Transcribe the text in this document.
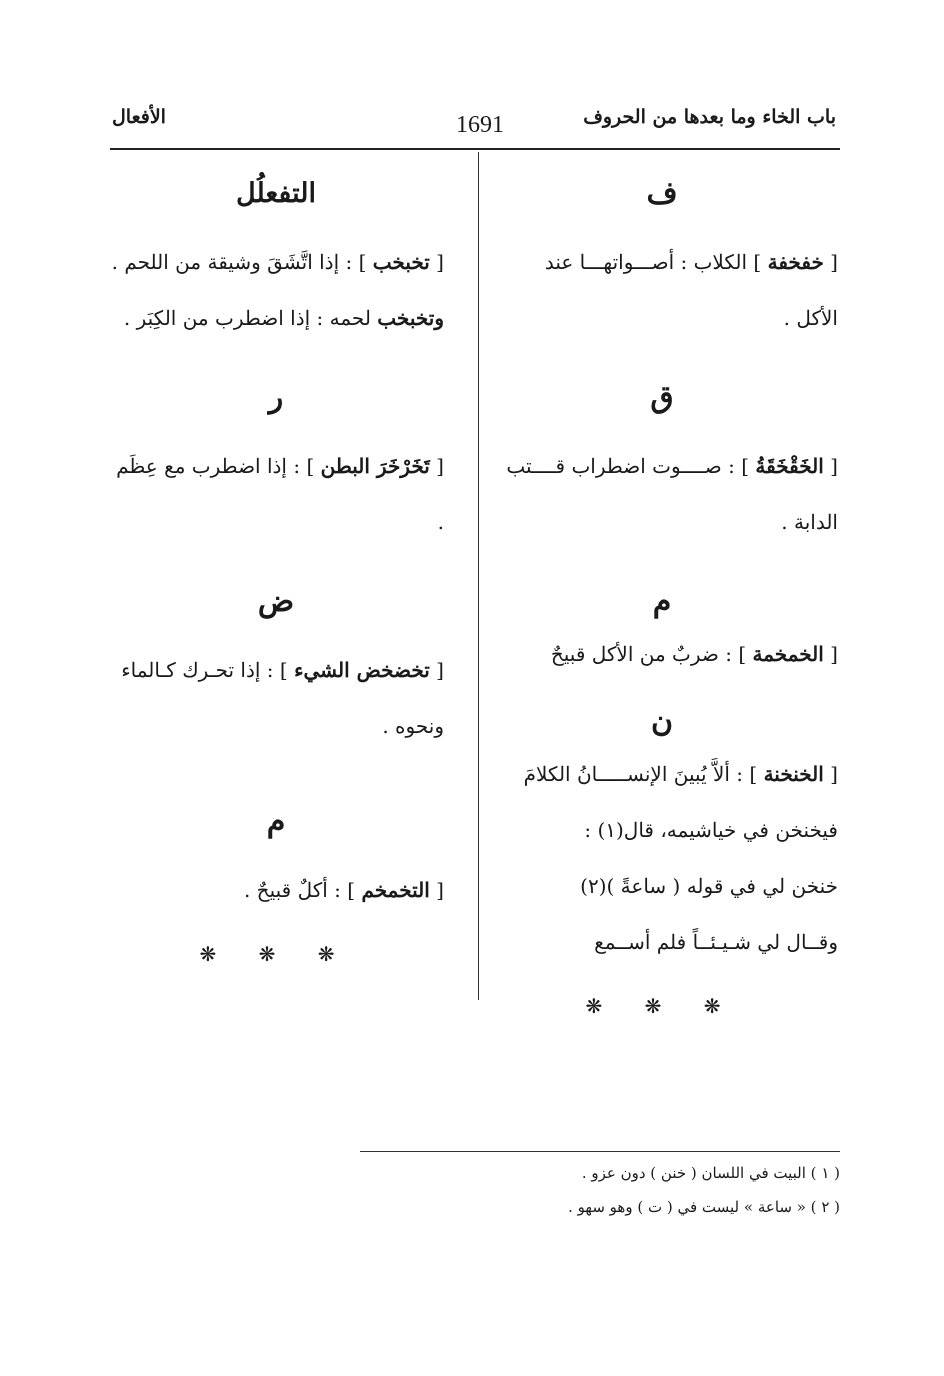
باب الخاء وما بعدها من الحروف
1691
الأفعال
ف

[ خفخفة ] الكلاب : أصـــواتهـــا عند

الأكل .

ق

[ الخَقْخَقَةُ ] : صــــوت اضطراب قــــتب

الدابة .

م

[ الخمخمة ] : ضربٌ من الأكل قبيحٌ

ن

[ الخنخنة ] : ألاَّ يُبينَ الإنســـــانُ الكلامَ

فيخنخن في خياشيمه، قال(١) :

خنخن لي في قوله ( ساعةً )(٢)

وقــال لي شـيـئــاً فلم أســمع

❋ ❋ ❋
التفعلُل

[ تخبخب ] : إذا اتَّشَقَ وشيقة من اللحم .

وتخبخب لحمه : إذا اضطرب من الكِبَر .

ر

[ تَخَرْخَرَ البطن ] : إذا اضطرب مع عِظَم .

ض

[ تخضخض الشيء ] : إذا تحـرك كـالماء

ونحوه .

م

[ التخمخم ] : أكلٌ قبيحٌ .

❋ ❋ ❋
( ١ ) البيت في اللسان ( خنن ) دون عزو .
( ٢ ) « ساعة » ليست في ( ت ) وهو سهو .
